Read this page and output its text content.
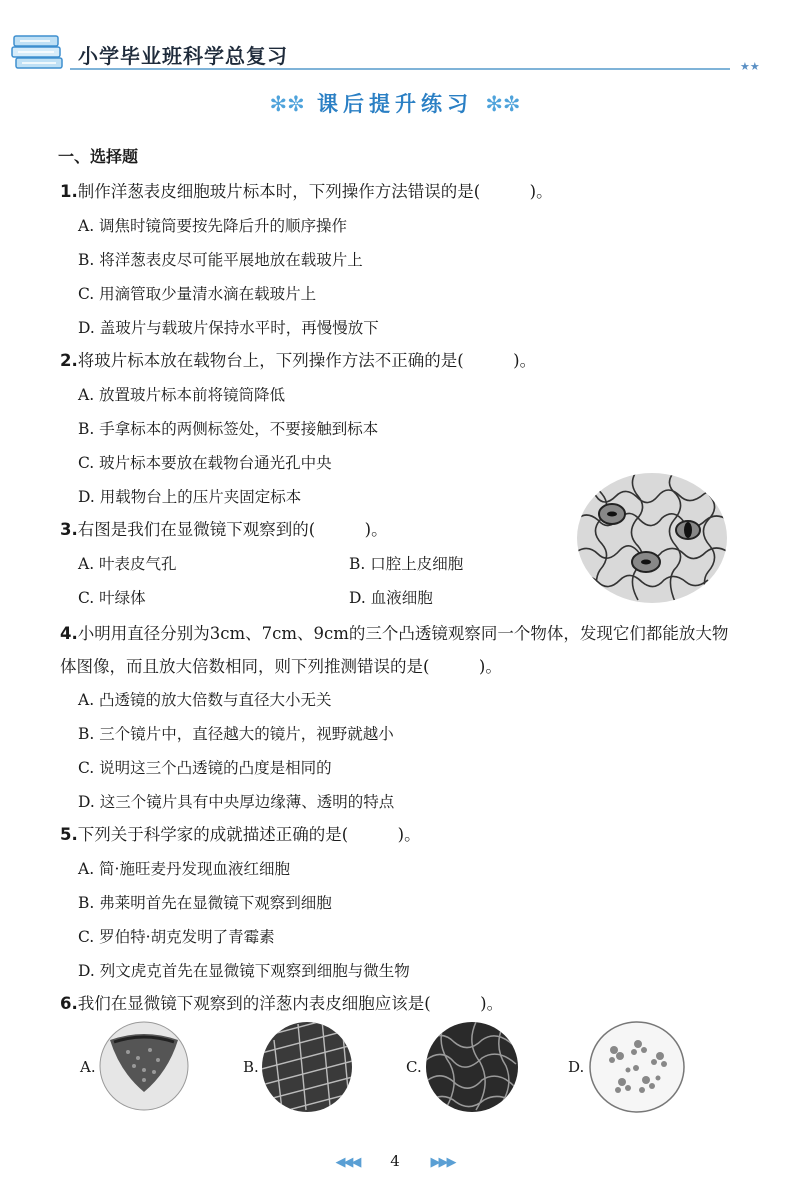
小学毕业班科学总复习	★★
✻✼ 课后提升练习 ✻✼
一、选择题
1.制作洋葱表皮细胞玻片标本时，下列操作方法错误的是(　　　)。
A. 调焦时镜筒要按先降后升的顺序操作
B. 将洋葱表皮尽可能平展地放在载玻片上
C. 用滴管取少量清水滴在载玻片上
D. 盖玻片与载玻片保持水平时，再慢慢放下
2.将玻片标本放在载物台上，下列操作方法不正确的是(　　　)。
A. 放置玻片标本前将镜筒降低
B. 手拿标本的两侧标签处，不要接触到标本
C. 玻片标本要放在载物台通光孔中央
D. 用载物台上的压片夹固定标本
3.右图是我们在显微镜下观察到的(　　　)。
A. 叶表皮气孔	B. 口腔上皮细胞
C. 叶绿体	D. 血液细胞
4.小明用直径分别为3cm、7cm、9cm的三个凸透镜观察同一个物体，发现它们都能放大物体图像，而且放大倍数相同，则下列推测错误的是(　　　)。
A. 凸透镜的放大倍数与直径大小无关
B. 三个镜片中，直径越大的镜片，视野就越小
C. 说明这三个凸透镜的凸度是相同的
D. 这三个镜片具有中央厚边缘薄、透明的特点
5.下列关于科学家的成就描述正确的是(　　　)。
A. 简·施旺麦丹发现血液红细胞
B. 弗莱明首先在显微镜下观察到细胞
C. 罗伯特·胡克发明了青霉素
D. 列文虎克首先在显微镜下观察到细胞与微生物
6.我们在显微镜下观察到的洋葱内表皮细胞应该是(　　　)。
A.	B.	C.	D.
◀◀◀ 4 ▶▶▶
